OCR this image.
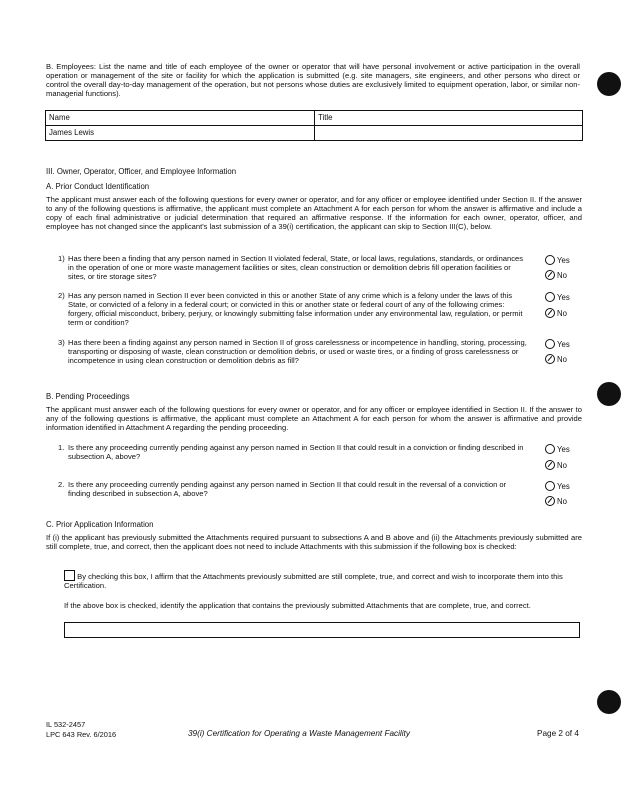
B. Employees: List the name and title of each employee of the owner or operator that will have personal involvement or active participation in the overall operation or management of the site or facility for which the application is submitted (e.g. site managers, site engineers, and other persons who direct or control the overall day-to-day management of the operation, but not persons whose duties are exclusively limited to equipment operation, labor, or similar non-managerial functions).
Name	Title
James Lewis	
III. Owner, Operator, Officer, and Employee Information
A. Prior Conduct Identification
The applicant must answer each of the following questions for every owner or operator, and for any officer or employee identified under Section II. If the answer to any of the following questions is affirmative, the applicant must complete an Attachment A for each person for whom the answer is affirmative and include a copy of each final administrative or judicial determination that required an affirmative response. If the information for each owner, operator, officer, and employee has not changed since the applicant's last submission of a 39(i) certification, the applicant can skip to Section III(C), below.
1) Has there been a finding that any person named in Section II violated federal, State, or local laws, regulations, standards, or ordinances in the operation of one or more waste management facilities or sites, clean construction or demolition debris fill operation facilities or sites, or tire storage sites?
Yes
No
2) Has any person named in Section II ever been convicted in this or another State of any crime which is a felony under the laws of this State, or convicted of a felony in a federal court; or convicted in this or another state or federal court of any of the following crimes: forgery, official misconduct, bribery, perjury, or knowingly submitting false information under any environmental law, regulation, or permit term or condition?
Yes
No
3) Has there been a finding against any person named in Section II of gross carelessness or incompetence in handling, storing, processing, transporting or disposing of waste, clean construction or demolition debris, or used or waste tires, or a finding of gross carelessness or incompetence in using clean construction or demolition debris as fill?
Yes
No
B. Pending Proceedings
The applicant must answer each of the following questions for every owner or operator, and for any officer or employee identified in Section II. If the answer to any of the following questions is affirmative, the applicant must complete an Attachment A for each person for whom the answer is affirmative and provide information identified in Attachment A regarding the pending proceeding.
1. Is there any proceeding currently pending against any person named in Section II that could result in a conviction or finding described in subsection A, above?
Yes
No
2. Is there any proceeding currently pending against any person named in Section II that could result in the reversal of a conviction or finding described in subsection A, above?
Yes
No
C. Prior Application Information
If (i) the applicant has previously submitted the Attachments required pursuant to subsections A and B above and (ii) the Attachments previously submitted are still complete, true, and correct, then the applicant does not need to include Attachments with this submission if the following box is checked:
By checking this box, I affirm that the Attachments previously submitted are still complete, true, and correct and wish to incorporate them into this Certification.
If the above box is checked, identify the application that contains the previously submitted Attachments that are complete, true, and correct.
IL 532-2457
LPC 643 Rev. 6/2016	39(i) Certification for Operating a Waste Management Facility	Page 2 of 4
